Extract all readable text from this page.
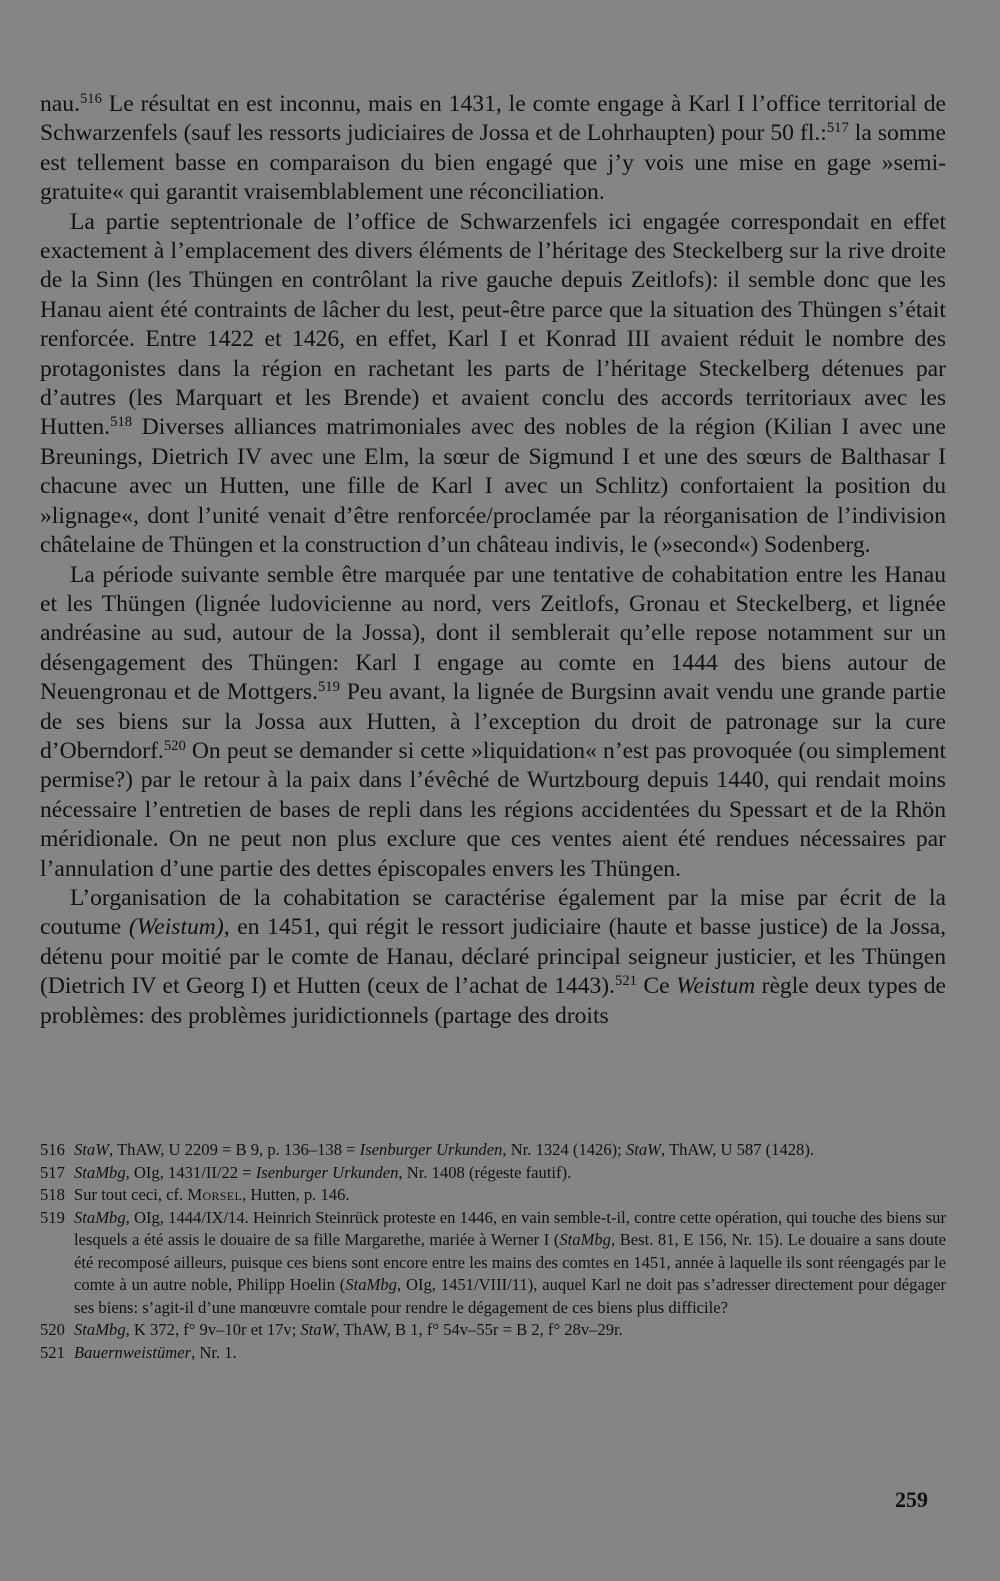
nau.$^{516}$ Le résultat en est inconnu, mais en 1431, le comte engage à Karl I l’office territorial de Schwarzenfels (sauf les ressorts judiciaires de Jossa et de Lohrhaupten) pour 50 fl.:$^{517}$ la somme est tellement basse en comparaison du bien engagé que j’y vois une mise en gage »semi-gratuite« qui garantit vraisemblablement une réconciliation.

La partie septentrionale de l’office de Schwarzenfels ici engagée correspondait en effet exactement à l’emplacement des divers éléments de l’héritage des Steckelberg sur la rive droite de la Sinn (les Thüngen en contrôlant la rive gauche depuis Zeitlofs): il semble donc que les Hanau aient été contraints de lâcher du lest, peut-être parce que la situation des Thüngen s’était renforcée. Entre 1422 et 1426, en effet, Karl I et Konrad III avaient réduit le nombre des protagonistes dans la région en rachetant les parts de l’héritage Steckelberg détenues par d’autres (les Marquart et les Brende) et avaient conclu des accords territoriaux avec les Hutten.$^{518}$ Diverses alliances matrimoniales avec des nobles de la région (Kilian I avec une Breunings, Dietrich IV avec une Elm, la sœur de Sigmund I et une des sœurs de Balthasar I chacune avec un Hutten, une fille de Karl I avec un Schlitz) confortaient la position du »lignage«, dont l’unité venait d’être renforcée/proclamée par la réorganisation de l’indivision châtelaine de Thüngen et la construction d’un château indivis, le (»second«) Sodenberg.

La période suivante semble être marquée par une tentative de cohabitation entre les Hanau et les Thüngen (lignée ludovicienne au nord, vers Zeitlofs, Gronau et Steckelberg, et lignée andréasine au sud, autour de la Jossa), dont il semblerait qu’elle repose notamment sur un désengagement des Thüngen: Karl I engage au comte en 1444 des biens autour de Neuengronau et de Mottgers.$^{519}$ Peu avant, la lignée de Burgsinn avait vendu une grande partie de ses biens sur la Jossa aux Hutten, à l’exception du droit de patronage sur la cure d’Oberndorf.$^{520}$ On peut se demander si cette »liquidation« n’est pas provoquée (ou simplement permise?) par le retour à la paix dans l’évêché de Wurtzbourg depuis 1440, qui rendait moins nécessaire l’entretien de bases de repli dans les régions accidentées du Spessart et de la Rhön méridionale. On ne peut non plus exclure que ces ventes aient été rendues nécessaires par l’annulation d’une partie des dettes épiscopales envers les Thüngen.

L’organisation de la cohabitation se caractérise également par la mise par écrit de la coutume (Weistum), en 1451, qui régit le ressort judiciaire (haute et basse justice) de la Jossa, détenu pour moitié par le comte de Hanau, déclaré principal seigneur justicier, et les Thüngen (Dietrich IV et Georg I) et Hutten (ceux de l’achat de 1443).$^{521}$ Ce Weistum règle deux types de problèmes: des problèmes juridictionnels (partage des droits

516 StaW, ThAW, U 2209 = B 9, p. 136–138 = Isenburger Urkunden, Nr. 1324 (1426); StaW, ThAW, U 587 (1428).
517 StaMbg, OIg, 1431/II/22 = Isenburger Urkunden, Nr. 1408 (régeste fautif).
518 Sur tout ceci, cf. Morsel, Hutten, p. 146.
519 StaMbg, OIg, 1444/IX/14. Heinrich Steinrück proteste en 1446, en vain semble-t-il, contre cette opération, qui touche des biens sur lesquels a été assis le douaire de sa fille Margarethe, mariée à Werner I (StaMbg, Best. 81, E 156, Nr. 15). Le douaire a sans doute été recomposé ailleurs, puisque ces biens sont encore entre les mains des comtes en 1451, année à laquelle ils sont réengagés par le comte à un autre noble, Philipp Hoelin (StaMbg, OIg, 1451/VIII/11), auquel Karl ne doit pas s’adresser directement pour dégager ses biens: s’agit-il d’une manœuvre comtale pour rendre le dégagement de ces biens plus difficile?
520 StaMbg, K 372, f° 9v–10r et 17v; StaW, ThAW, B 1, f° 54v–55r = B 2, f° 28v–29r.
521 Bauernweistümer, Nr. 1.
259
